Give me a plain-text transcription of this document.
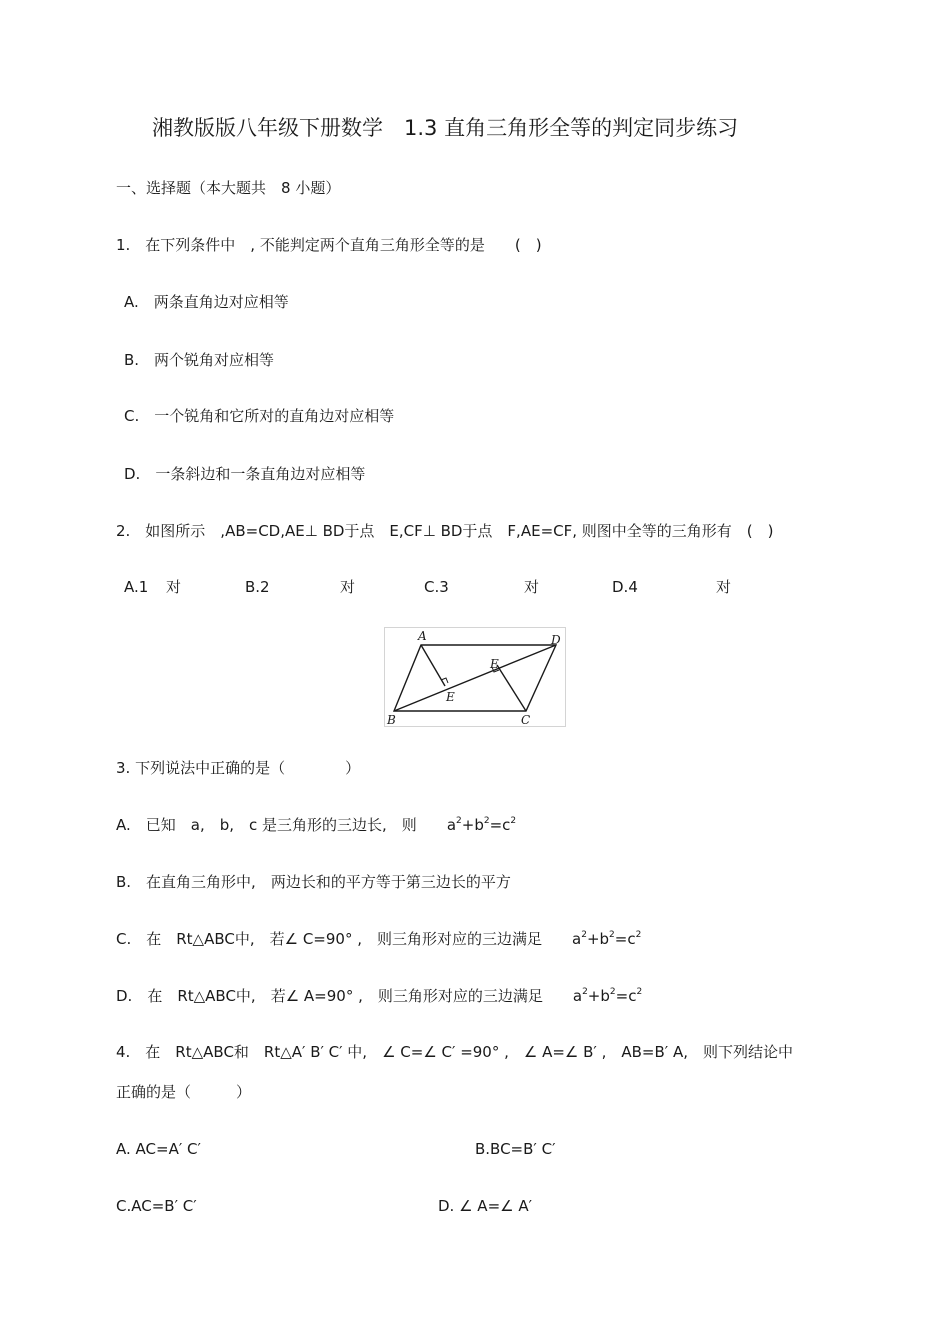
湘教版版八年级下册数学　1.3 直角三角形全等的判定同步练习
一、选择题（本大题共　8 小题）
1.　在下列条件中　, 不能判定两个直角三角形全等的是　　(　)
A.　两条直角边对应相等
B.　两个锐角对应相等
C.　一个锐角和它所对的直角边对应相等
D.　一条斜边和一条直角边对应相等
2.　如图所示　,AB=CD,AE⊥ BD于点　E,CF⊥ BD于点　F,AE=CF, 则图中全等的三角形有　(　)
A.1 对	B.2	对	C.3	对	D.4	对
A	D
E
E
B	C
3. 下列说法中正确的是（　　　　）
A.　已知　a,　b,　c 是三角形的三边长,　则　　$a^2+b^2=c^2$
B.　在直角三角形中,　两边长和的平方等于第三边长的平方
C.　在　Rt△ABC中,　若∠ C=90° ,　则三角形对应的三边满足　　$a^2+b^2=c^2$
D.　在　Rt△ABC中,　若∠ A=90° ,　则三角形对应的三边满足　　$a^2+b^2=c^2$
4.　在　Rt△ABC和　Rt△A′ B′ C′ 中,　∠ C=∠ C′ =90° ,　∠ A=∠ B′ ,　AB=B′ A,　则下列结论中
正确的是（　　　）
A. AC=A′ C′	B.BC=B′ C′
C.AC=B′ C′	D. ∠ A=∠ A′
